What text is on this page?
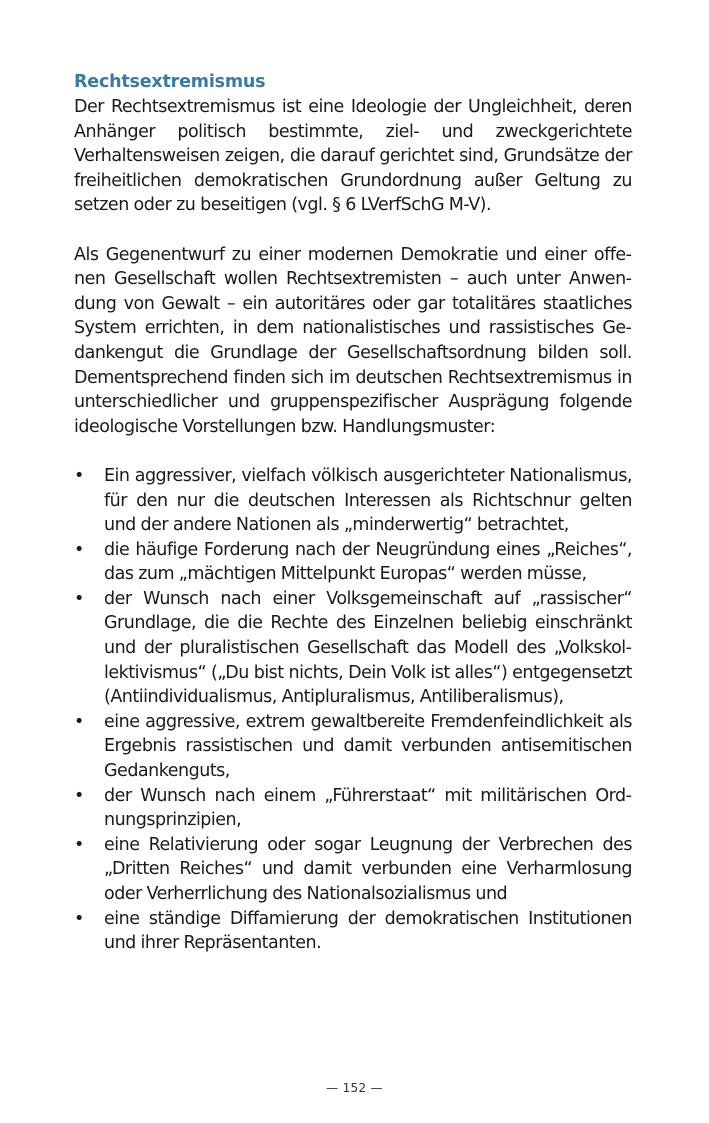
Rechtsextremismus

Der Rechtsextremismus ist eine Ideologie der Ungleichheit, deren Anhänger politisch bestimmte, ziel- und zweckgerichtete Verhaltensweisen zeigen, die darauf gerichtet sind, Grundsätze der freiheitlichen demokratischen Grundordnung außer Geltung zu setzen oder zu beseitigen (vgl. § 6 LVerfSchG M-V).

Als Gegenentwurf zu einer modernen Demokratie und einer offenen Gesellschaft wollen Rechtsextremisten – auch unter Anwendung von Gewalt – ein autoritäres oder gar totalitäres staatliches System errichten, in dem nationalistisches und rassistisches Gedankengut die Grundlage der Gesellschaftsordnung bilden soll. Dementsprechend finden sich im deutschen Rechtsextremismus in unterschiedlicher und gruppenspezifischer Ausprägung folgende ideologische Vorstellungen bzw. Handlungsmuster:

• Ein aggressiver, vielfach völkisch ausgerichteter Nationalismus, für den nur die deutschen Interessen als Richtschnur gelten und der andere Nationen als „minderwertig“ betrachtet,
• die häufige Forderung nach der Neugründung eines „Reiches“, das zum „mächtigen Mittelpunkt Europas“ werden müsse,
• der Wunsch nach einer Volksgemeinschaft auf „rassischer“ Grundlage, die die Rechte des Einzelnen beliebig einschränkt und der pluralistischen Gesellschaft das Modell des „Volkskollektivismus“ („Du bist nichts, Dein Volk ist alles“) entgegensetzt (Antiindividualismus, Antipluralismus, Antiliberalismus),
• eine aggressive, extrem gewaltbereite Fremdenfeindlichkeit als Ergebnis rassistischen und damit verbunden antisemitischen Gedankenguts,
• der Wunsch nach einem „Führerstaat“ mit militärischen Ordnungsprinzipien,
• eine Relativierung oder sogar Leugnung der Verbrechen des „Dritten Reiches“ und damit verbunden eine Verharmlosung oder Verherrlichung des Nationalsozialismus und
• eine ständige Diffamierung der demokratischen Institutionen und ihrer Repräsentanten.
— 152 —
